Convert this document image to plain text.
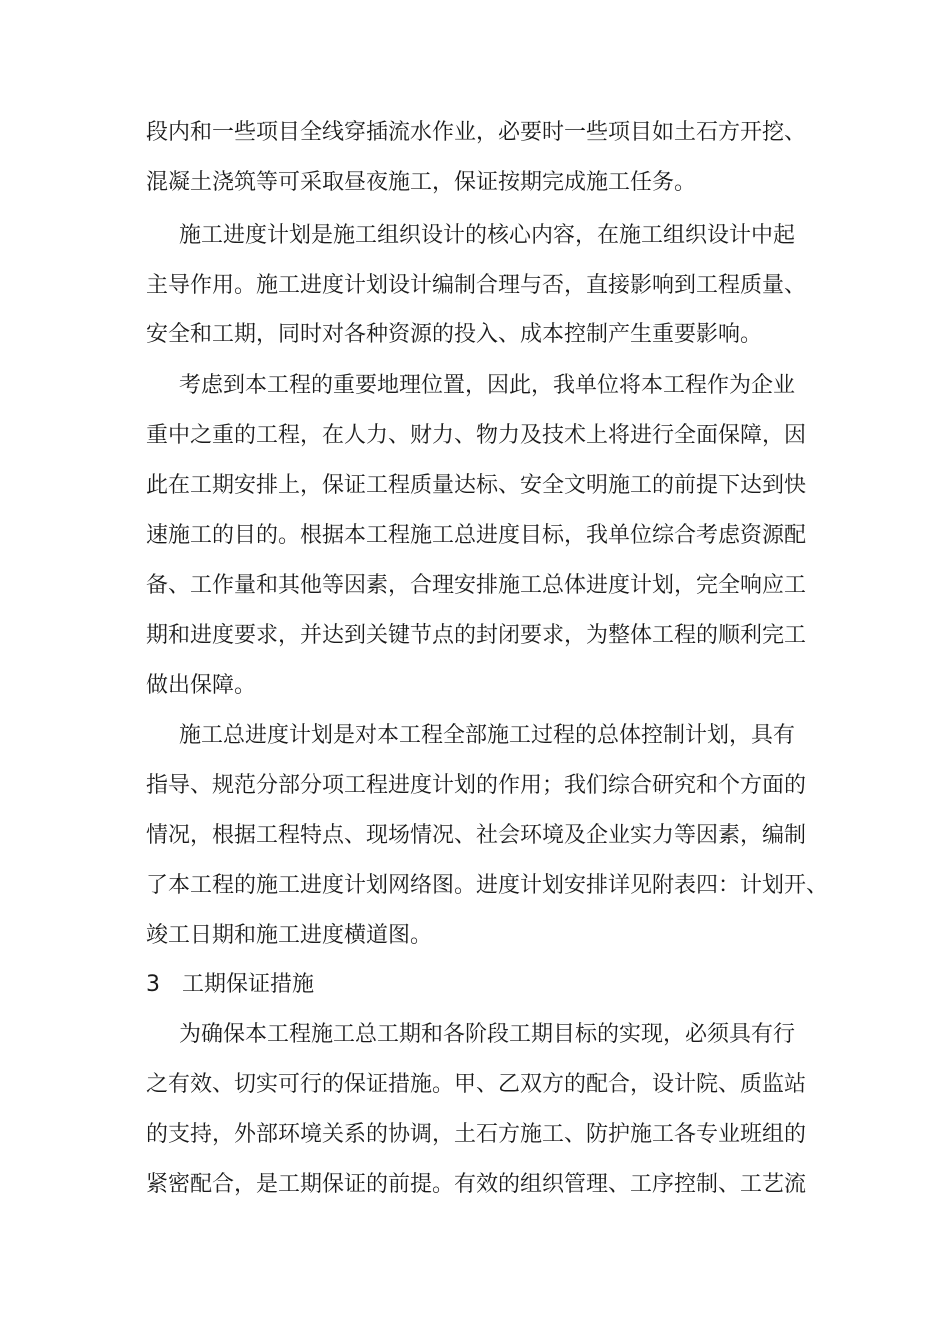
段内和一些项目全线穿插流水作业，必要时一些项目如土石方开挖、

混凝土浇筑等可采取昼夜施工，保证按期完成施工任务。

施工进度计划是施工组织设计的核心内容，在施工组织设计中起

主导作用。施工进度计划设计编制合理与否，直接影响到工程质量、

安全和工期，同时对各种资源的投入、成本控制产生重要影响。

考虑到本工程的重要地理位置，因此，我单位将本工程作为企业

重中之重的工程，在人力、财力、物力及技术上将进行全面保障，因

此在工期安排上，保证工程质量达标、安全文明施工的前提下达到快

速施工的目的。根据本工程施工总进度目标，我单位综合考虑资源配

备、工作量和其他等因素，合理安排施工总体进度计划，完全响应工

期和进度要求，并达到关键节点的封闭要求，为整体工程的顺利完工

做出保障。

施工总进度计划是对本工程全部施工过程的总体控制计划，具有

指导、规范分部分项工程进度计划的作用；我们综合研究和个方面的

情况，根据工程特点、现场情况、社会环境及企业实力等因素，编制

了本工程的施工进度计划网络图。进度计划安排详见附表四：计划开、

竣工日期和施工进度横道图。

3 工期保证措施

为确保本工程施工总工期和各阶段工期目标的实现，必须具有行

之有效、切实可行的保证措施。甲、乙双方的配合，设计院、质监站

的支持，外部环境关系的协调，土石方施工、防护施工各专业班组的

紧密配合，是工期保证的前提。有效的组织管理、工序控制、工艺流
